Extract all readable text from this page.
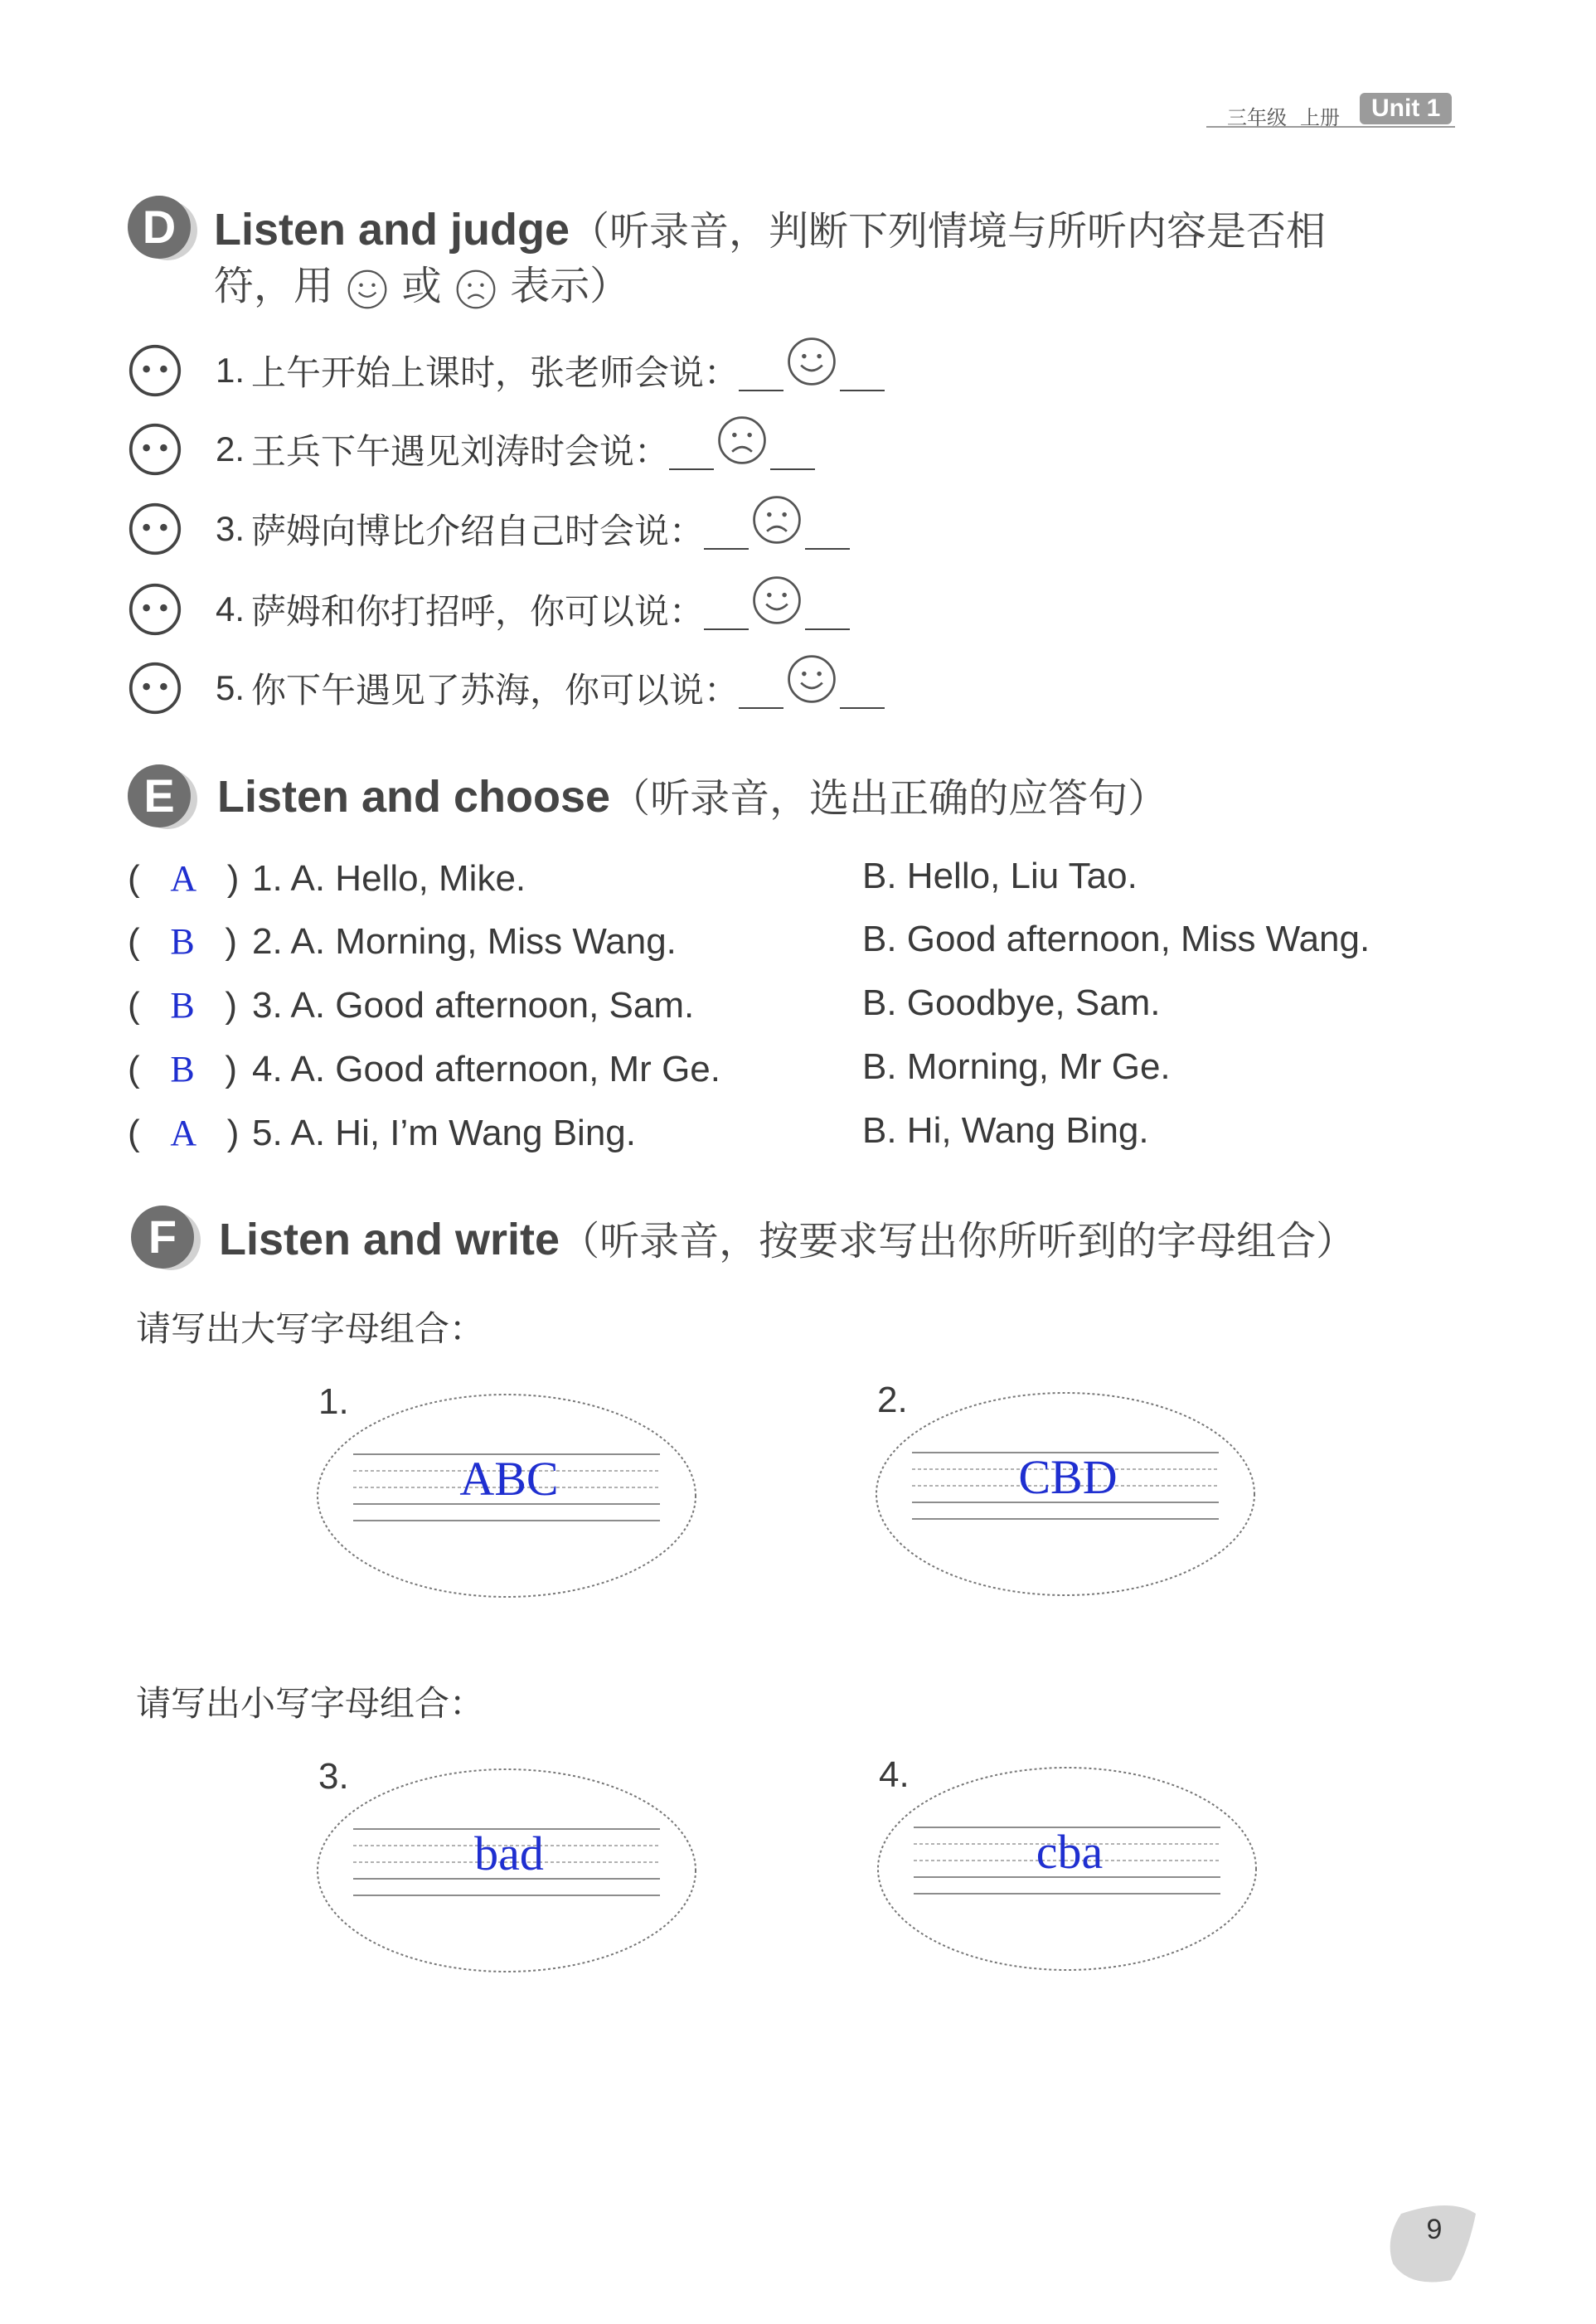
三年级 上册	Unit 1
D Listen and judge（听录音，判断下列情境与所听内容是否相
符，用 或 表示）
1. 上午开始上课时，张老师会说：
2. 王兵下午遇见刘涛时会说：
3. 萨姆向博比介绍自己时会说：
4. 萨姆和你打招呼，你可以说：
5. 你下午遇见了苏海，你可以说：
E Listen and choose（听录音，选出正确的应答句）
(   A   ) 1. A. Hello, Mike.	B. Hello, Liu Tao.
(   B   ) 2. A. Morning, Miss Wang.	B. Good afternoon, Miss Wang.
(   B   ) 3. A. Good afternoon, Sam.	B. Goodbye, Sam.
(   B   ) 4. A. Good afternoon, Mr Ge.	B. Morning, Mr Ge.
(   A   ) 5. A. Hi, I’m Wang Bing.	B. Hi, Wang Bing.
F Listen and write（听录音，按要求写出你所听到的字母组合）
请写出大写字母组合：
请写出小写字母组合：
1.
ABC
2.
CBD
3.
bad
4.
cba
9
